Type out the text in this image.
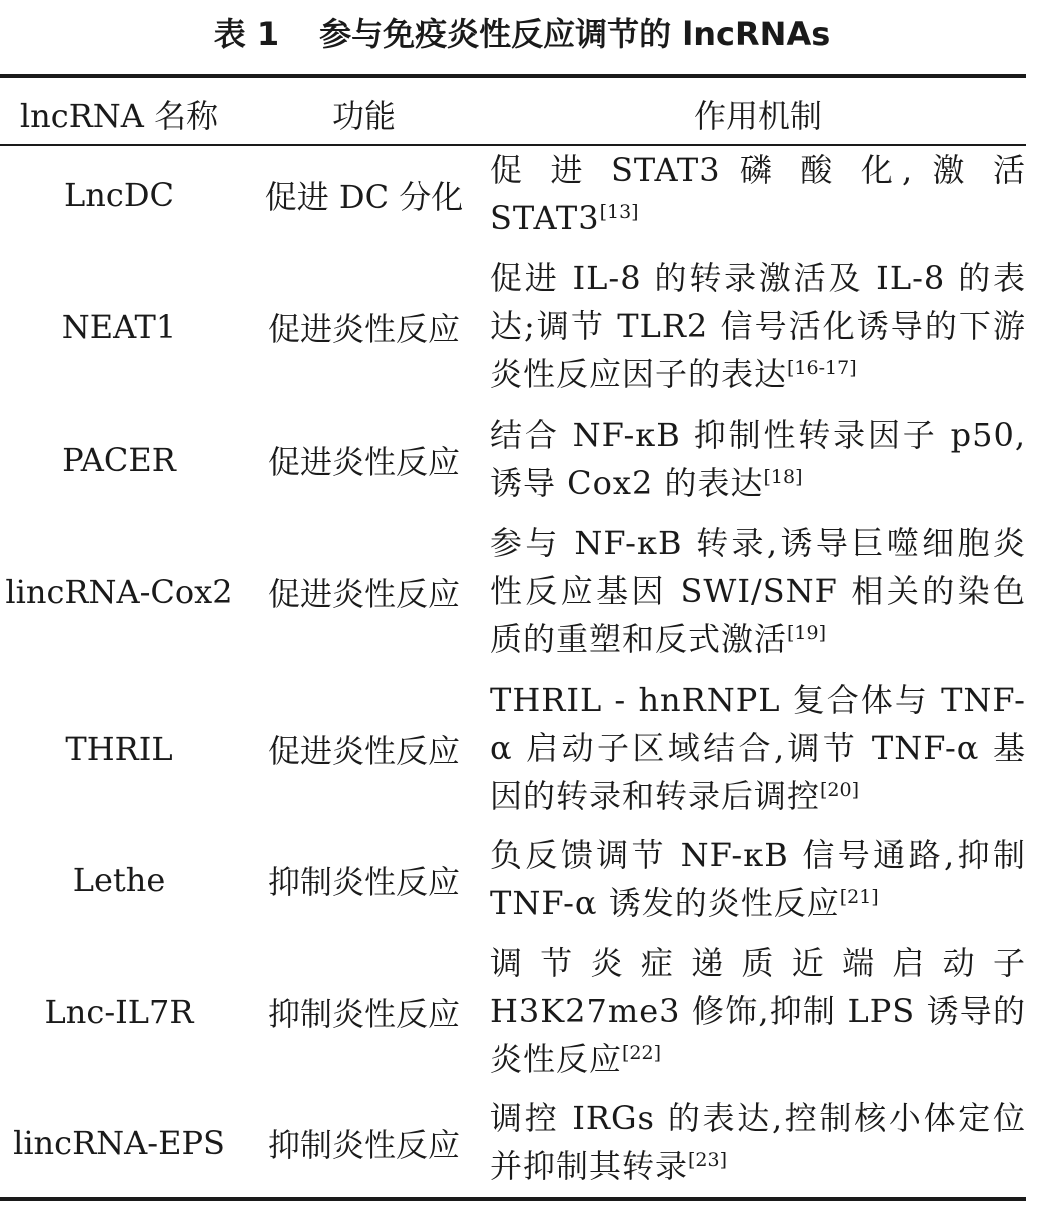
表 1 参与免疫炎性反应调节的 lncRNAs
lncRNA 名称	功能	作用机制
LncDC	促进 DC 分化	促 进 STAT3 磷 酸 化, 激 活 STAT3[13]
NEAT1	促进炎性反应	促进 IL-8 的转录激活及 IL-8 的表达;调节 TLR2 信号活化诱导的下游炎性反应因子的表达[16-17]
PACER	促进炎性反应	结合 NF-κB 抑制性转录因子 p50,诱导 Cox2 的表达[18]
lincRNA-Cox2	促进炎性反应	参与 NF-κB 转录,诱导巨噬细胞炎性反应基因 SWI/SNF 相关的染色质的重塑和反式激活[19]
THRIL	促进炎性反应	THRIL - hnRNPL 复合体与 TNF-α 启动子区域结合,调节 TNF-α 基因的转录和转录后调控[20]
Lethe	抑制炎性反应	负反馈调节 NF-κB 信号通路,抑制 TNF-α 诱发的炎性反应[21]
Lnc-IL7R	抑制炎性反应	调 节 炎 症 递 质 近 端 启 动 子 H3K27me3 修饰,抑制 LPS 诱导的炎性反应[22]
lincRNA-EPS	抑制炎性反应	调控 IRGs 的表达,控制核小体定位并抑制其转录[23]
